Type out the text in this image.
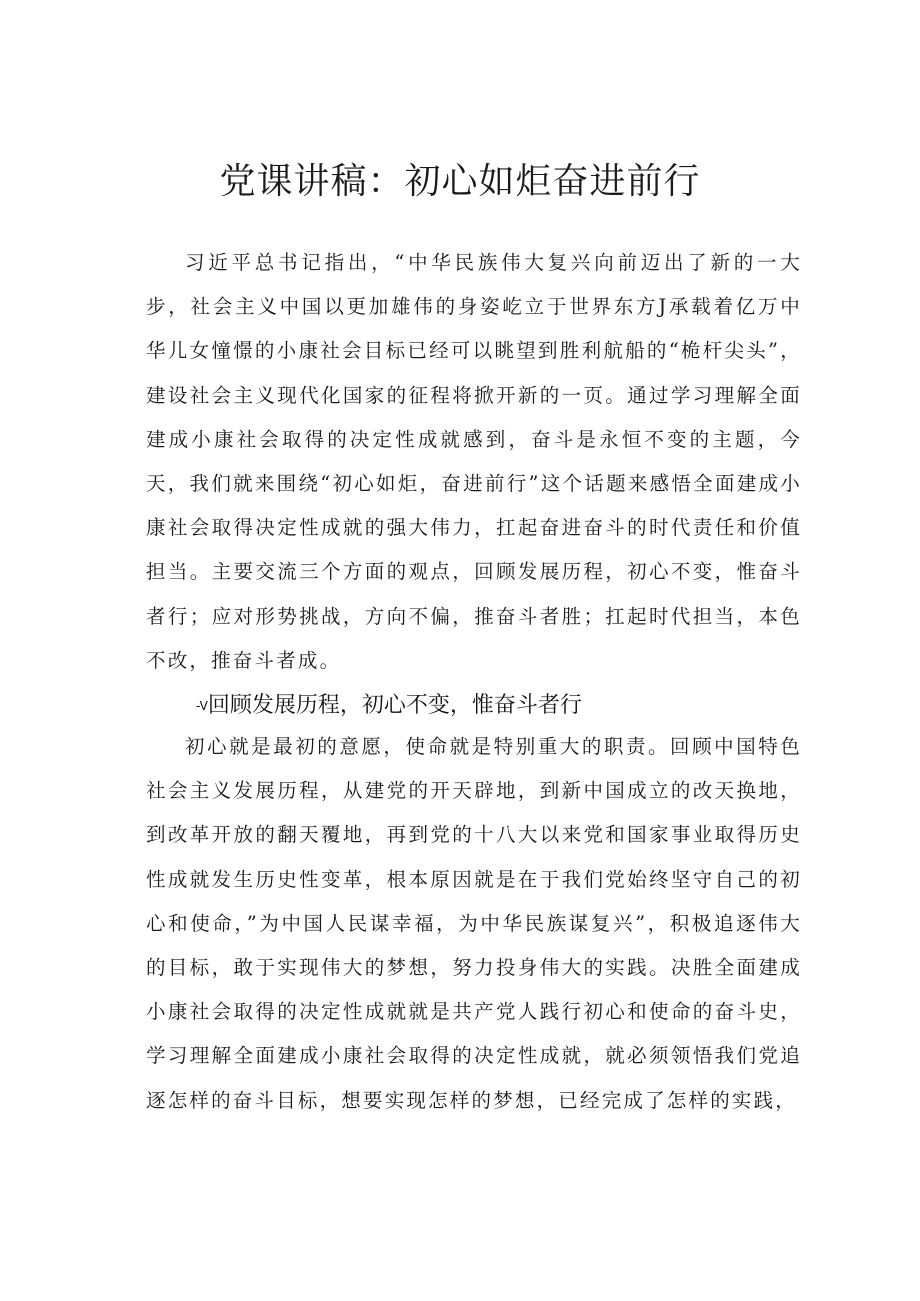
党课讲稿：初心如炬奋进前行

习近平总书记指出，“中华民族伟大复兴向前迈出了新的一大步，社会主义中国以更加雄伟的身姿屹立于世界东方J承载着亿万中华儿女憧憬的小康社会目标已经可以眺望到胜利航船的“桅杆尖头”，建设社会主义现代化国家的征程将掀开新的一页。通过学习理解全面建成小康社会取得的决定性成就感到，奋斗是永恒不变的主题，今天，我们就来围绕“初心如炬，奋进前行”这个话题来感悟全面建成小康社会取得决定性成就的强大伟力，扛起奋进奋斗的时代责任和价值担当。主要交流三个方面的观点，回顾发展历程，初心不变，惟奋斗者行；应对形势挑战，方向不偏，推奋斗者胜；扛起时代担当，本色不改，推奋斗者成。

-V回顾发展历程，初心不变，惟奋斗者行

初心就是最初的意愿，使命就是特别重大的职责。回顾中国特色社会主义发展历程，从建党的开天辟地，到新中国成立的改天换地，到改革开放的翻天覆地，再到党的十八大以来党和国家事业取得历史性成就发生历史性变革，根本原因就是在于我们党始终坚守自己的初心和使命，”为中国人民谋幸福，为中华民族谋复兴”，积极追逐伟大的目标，敢于实现伟大的梦想，努力投身伟大的实践。决胜全面建成小康社会取得的决定性成就就是共产党人践行初心和使命的奋斗史，学习理解全面建成小康社会取得的决定性成就，就必须领悟我们党追逐怎样的奋斗目标，想要实现怎样的梦想，已经完成了怎样的实践，
